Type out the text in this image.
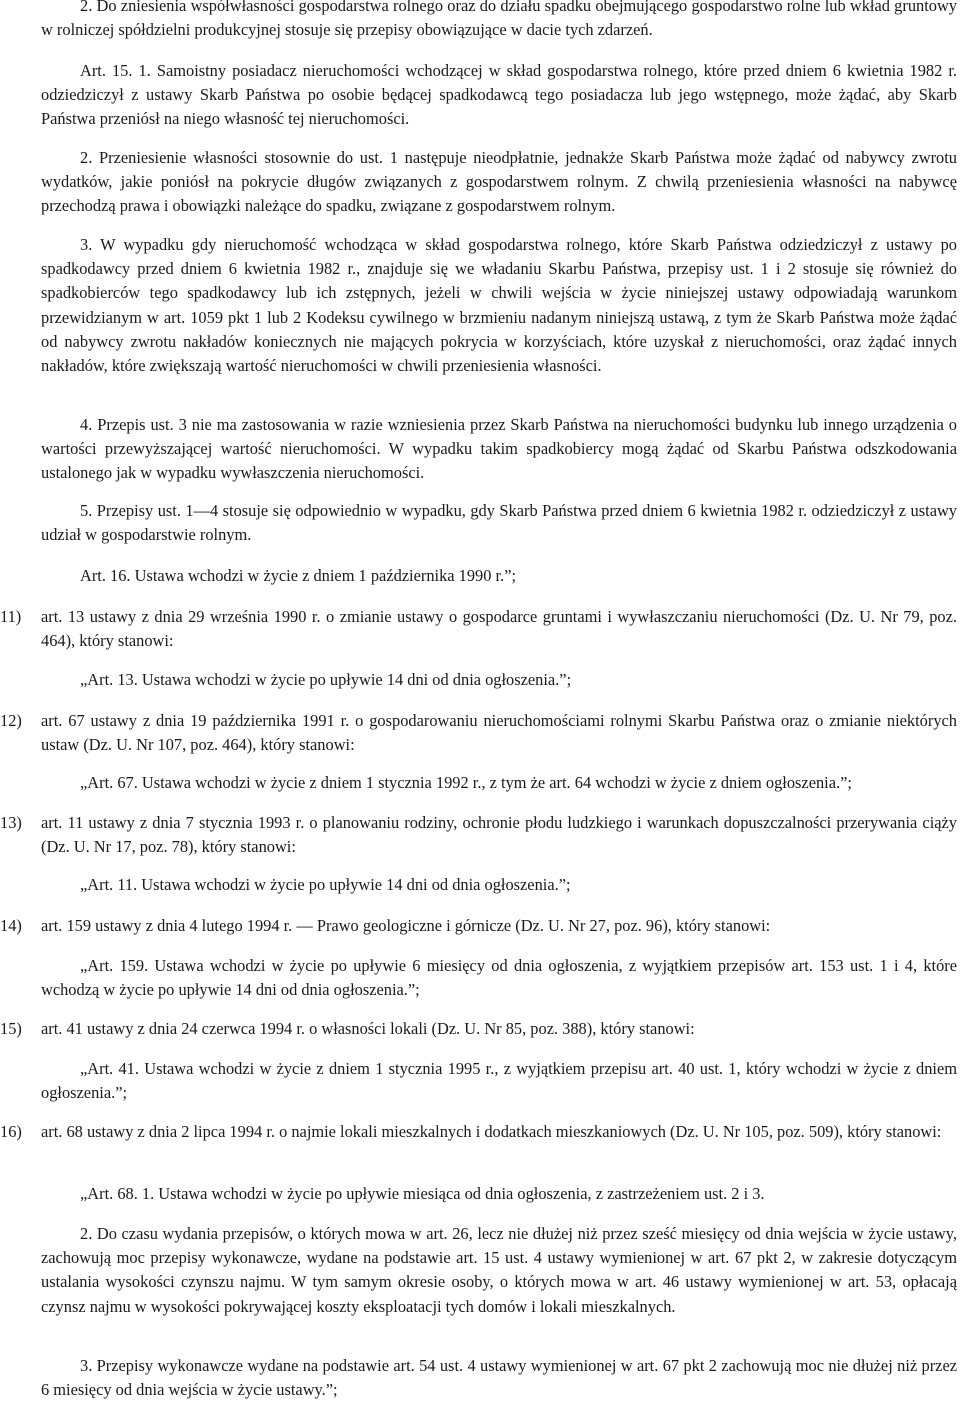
2. Do zniesienia współwłasności gospodarstwa rolnego oraz do działu spadku obejmującego gospodarstwo rolne lub wkład gruntowy w rolniczej spółdzielni produkcyjnej stosuje się przepisy obowiązujące w dacie tych zdarzeń.
Art. 15. 1. Samoistny posiadacz nieruchomości wchodzącej w skład gospodarstwa rolnego, które przed dniem 6 kwietnia 1982 r. odziedziczył z ustawy Skarb Państwa po osobie będącej spadkodawcą tego posiadacza lub jego wstępnego, może żądać, aby Skarb Państwa przeniósł na niego własność tej nieruchomości.
2. Przeniesienie własności stosownie do ust. 1 następuje nieodpłatnie, jednakże Skarb Państwa może żądać od nabywcy zwrotu wydatków, jakie poniósł na pokrycie długów związanych z gospodarstwem rolnym. Z chwilą przeniesienia własności na nabywcę przechodzą prawa i obowiązki należące do spadku, związane z gospodarstwem rolnym.
3. W wypadku gdy nieruchomość wchodząca w skład gospodarstwa rolnego, które Skarb Państwa odziedziczył z ustawy po spadkodawcy przed dniem 6 kwietnia 1982 r., znajduje się we władaniu Skarbu Państwa, przepisy ust. 1 i 2 stosuje się również do spadkobierców tego spadkodawcy lub ich zstępnych, jeżeli w chwili wejścia w życie niniejszej ustawy odpowiadają warunkom przewidzianym w art. 1059 pkt 1 lub 2 Kodeksu cywilnego w brzmieniu nadanym niniejszą ustawą, z tym że Skarb Państwa może żądać od nabywcy zwrotu nakładów koniecznych nie mających pokrycia w korzyściach, które uzyskał z nieruchomości, oraz żądać innych nakładów, które zwiększają wartość nieruchomości w chwili przeniesienia własności.
4. Przepis ust. 3 nie ma zastosowania w razie wzniesienia przez Skarb Państwa na nieruchomości budynku lub innego urządzenia o wartości przewyższającej wartość nieruchomości. W wypadku takim spadkobiercy mogą żądać od Skarbu Państwa odszkodowania ustalonego jak w wypadku wywłaszczenia nieruchomości.
5. Przepisy ust. 1—4 stosuje się odpowiednio w wypadku, gdy Skarb Państwa przed dniem 6 kwietnia 1982 r. odziedziczył z ustawy udział w gospodarstwie rolnym.
Art. 16. Ustawa wchodzi w życie z dniem 1 października 1990 r.”;
11)	art. 13 ustawy z dnia 29 września 1990 r. o zmianie ustawy o gospodarce gruntami i wywłaszczaniu nieruchomości (Dz. U. Nr 79, poz. 464), który stanowi:
„Art. 13. Ustawa wchodzi w życie po upływie 14 dni od dnia ogłoszenia.”;
12)	art. 67 ustawy z dnia 19 października 1991 r. o gospodarowaniu nieruchomościami rolnymi Skarbu Państwa oraz o zmianie niektórych ustaw (Dz. U. Nr 107, poz. 464), który stanowi:
„Art. 67. Ustawa wchodzi w życie z dniem 1 stycznia 1992 r., z tym że art. 64 wchodzi w życie z dniem ogłoszenia.”;
13)	art. 11 ustawy z dnia 7 stycznia 1993 r. o planowaniu rodziny, ochronie płodu ludzkiego i warunkach dopuszczalności przerywania ciąży (Dz. U. Nr 17, poz. 78), który stanowi:
„Art. 11. Ustawa wchodzi w życie po upływie 14 dni od dnia ogłoszenia.”;
14)	art. 159 ustawy z dnia 4 lutego 1994 r. — Prawo geologiczne i górnicze (Dz. U. Nr 27, poz. 96), który stanowi:
„Art. 159. Ustawa wchodzi w życie po upływie 6 miesięcy od dnia ogłoszenia, z wyjątkiem przepisów art. 153 ust. 1 i 4, które wchodzą w życie po upływie 14 dni od dnia ogłoszenia.”;
15)	art. 41 ustawy z dnia 24 czerwca 1994 r. o własności lokali (Dz. U. Nr 85, poz. 388), który stanowi:
„Art. 41. Ustawa wchodzi w życie z dniem 1 stycznia 1995 r., z wyjątkiem przepisu art. 40 ust. 1, który wchodzi w życie z dniem ogłoszenia.”;
16)	art. 68 ustawy z dnia 2 lipca 1994 r. o najmie lokali mieszkalnych i dodatkach mieszkaniowych (Dz. U. Nr 105, poz. 509), który stanowi:
„Art. 68. 1. Ustawa wchodzi w życie po upływie miesiąca od dnia ogłoszenia, z zastrzeżeniem ust. 2 i 3.
2. Do czasu wydania przepisów, o których mowa w art. 26, lecz nie dłużej niż przez sześć miesięcy od dnia wejścia w życie ustawy, zachowują moc przepisy wykonawcze, wydane na podstawie art. 15 ust. 4 ustawy wymienionej w art. 67 pkt 2, w zakresie dotyczącym ustalania wysokości czynszu najmu. W tym samym okresie osoby, o których mowa w art. 46 ustawy wymienionej w art. 53, opłacają czynsz najmu w wysokości pokrywającej koszty eksploatacji tych domów i lokali mieszkalnych.
3. Przepisy wykonawcze wydane na podstawie art. 54 ust. 4 ustawy wymienionej w art. 67 pkt 2 zachowują moc nie dłużej niż przez 6 miesięcy od dnia wejścia w życie ustawy.”;
